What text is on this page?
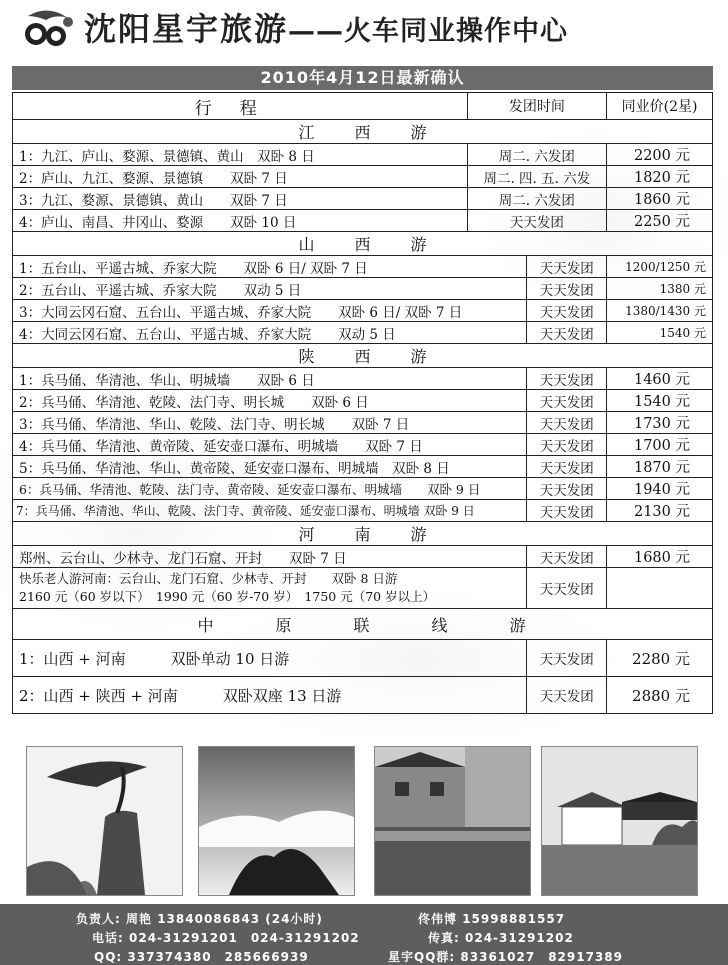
沈阳星宇旅游——火车同业操作中心
2010年4月12日最新确认
行程	发团时间		同业价(2星)
江西游			
1：九江、庐山、婺源、景德镇、黄山　双卧 8 日	周二. 六发团		2200 元
2：庐山、九江、婺源、景德镇　　双卧 7 日	周二. 四. 五. 六发		1820 元
3：九江、婺源、景德镇、黄山　　双卧 7 日	周二. 六发团		1860 元
4：庐山、南昌、井冈山、婺源　　双卧 10 日	天天发团		2250 元
山西游			
1：五台山、平遥古城、乔家大院　　双卧 6 日/ 双卧 7 日		天天发团	1200/1250 元
2：五台山、平遥古城、乔家大院　　双动 5 日		天天发团	1380 元
3：大同云冈石窟、五台山、平遥古城、乔家大院　　双卧 6 日/ 双卧 7 日		天天发团	1380/1430 元
4：大同云冈石窟、五台山、平遥古城、乔家大院　　双动 5 日		天天发团	1540 元
陕西游			
1：兵马俑、华清池、华山、明城墙　　双卧 6 日		天天发团	1460 元
2：兵马俑、华清池、乾陵、法门寺、明长城　　双卧 6 日		天天发团	1540 元
3：兵马俑、华清池、华山、乾陵、法门寺、明长城　　双卧 7 日		天天发团	1730 元
4：兵马俑、华清池、黄帝陵、延安壶口瀑布、明城墙　　双卧 7 日		天天发团	1700 元
5：兵马俑、华清池、华山、黄帝陵、延安壶口瀑布、明城墙　双卧 8 日		天天发团	1870 元
6：兵马俑、华清池、乾陵、法门寺、黄帝陵、延安壶口瀑布、明城墙　　双卧 9 日		天天发团	1940 元
7：兵马俑、华清池、华山、乾陵、法门寺、黄帝陵、延安壶口瀑布、明城墙 双卧 9 日		天天发团	2130 元
河南游			
郑州、云台山、少林寺、龙门石窟、开封　　双卧 7 日		天天发团	1680 元

快乐老人游河南：云台山、龙门石窟、少林寺、开封　　双卧 8 日游
2160 元（60 岁以下）　1990 元（60 岁-70 岁）　1750 元（70 岁以上）		天天发团	
中原联线游			
1：山西 + 河南　　　双卧单动 10 日游		天天发团	2280 元
2：山西 + 陕西 + 河南　　　双卧双座 13 日游		天天发团	2880 元
负责人: 周艳 13840086843 (24小时)	佟伟博 15998881557
电话: 024-31291201　024-31291202	传真: 024-31291202
QQ: 337374380　285666939	星宇QQ群: 83361027　82917389
